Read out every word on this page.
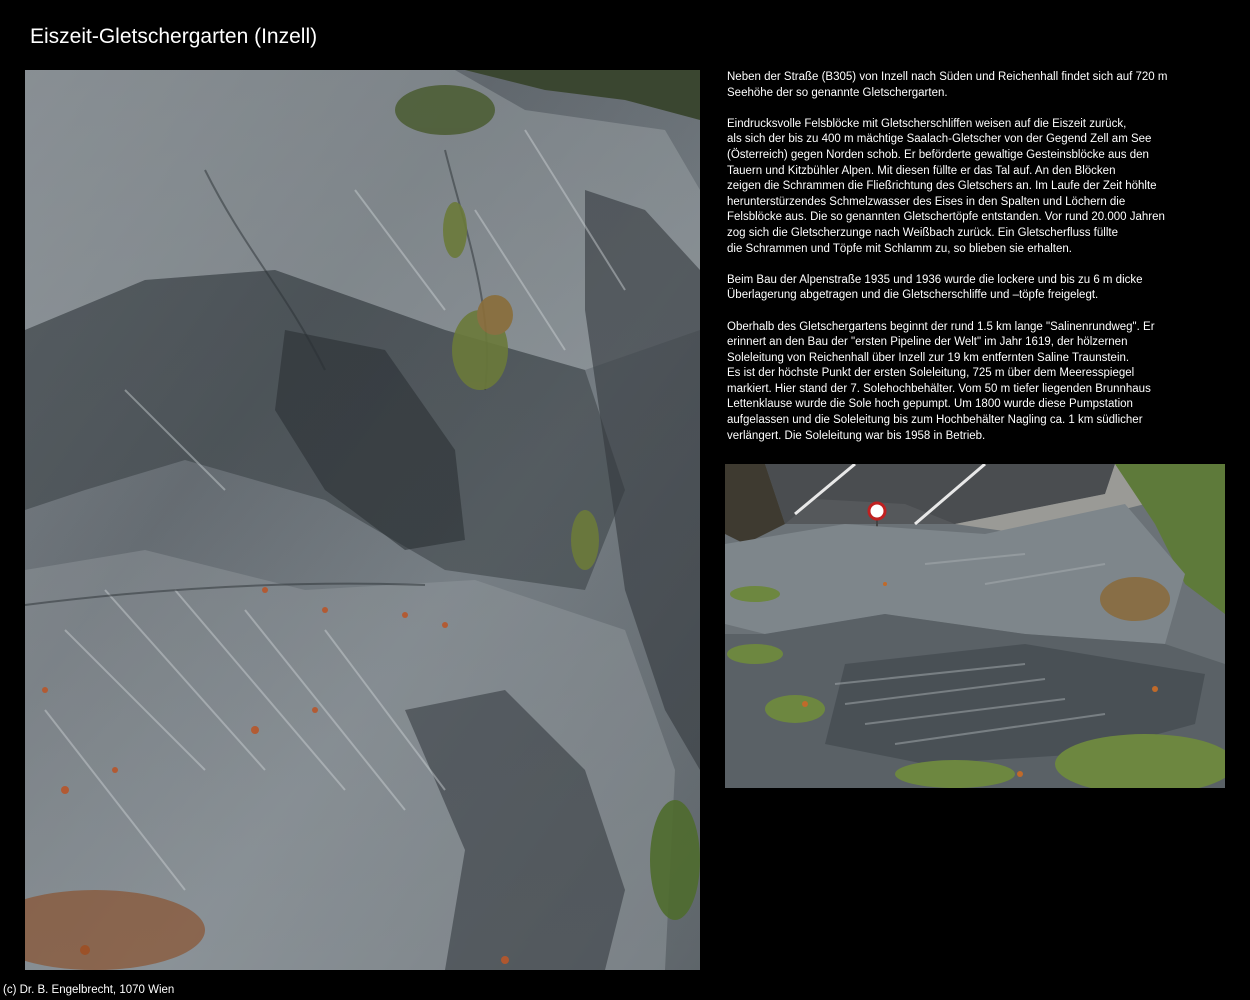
Eiszeit-Gletschergarten (Inzell)

Neben der Straße (B305) von Inzell nach Süden und Reichenhall findet sich auf 720 m
Seehöhe der so genannte Gletschergarten.

Eindrucksvolle Felsblöcke mit Gletscherschliffen weisen auf die Eiszeit zurück,
als sich der bis zu 400 m mächtige Saalach-Gletscher von der Gegend Zell am See
(Österreich) gegen Norden schob. Er beförderte gewaltige Gesteinsblöcke aus den
Tauern und Kitzbühler Alpen. Mit diesen füllte er das Tal auf. An den Blöcken
zeigen die Schrammen die Fließrichtung des Gletschers an. Im Laufe der Zeit höhlte
herunterstürzendes Schmelzwasser des Eises in den Spalten und Löchern die
Felsblöcke aus. Die so genannten Gletschertöpfe entstanden. Vor rund 20.000 Jahren
zog sich die Gletscherzunge nach Weißbach zurück. Ein Gletscherfluss füllte
die Schrammen und Töpfe mit Schlamm zu, so blieben sie erhalten.

Beim Bau der Alpenstraße 1935 und 1936 wurde die lockere und bis zu 6 m dicke
Überlagerung abgetragen und die Gletscherschliffe und –töpfe freigelegt.

Oberhalb des Gletschergartens beginnt der rund 1.5 km lange "Salinenrundweg". Er
erinnert an den Bau der "ersten Pipeline der Welt" im Jahr 1619, der hölzernen
Soleleitung von Reichenhall über Inzell zur 19 km entfernten Saline Traunstein.
Es ist der höchste Punkt der ersten Soleleitung, 725 m über dem Meeresspiegel
markiert. Hier stand der 7. Solehochbehälter. Vom 50 m tiefer liegenden Brunnhaus
Lettenklause wurde die Sole hoch gepumpt. Um 1800 wurde diese Pumpstation
aufgelassen und die Soleleitung bis zum Hochbehälter Nagling ca. 1 km südlicher
verlängert. Die Soleleitung war bis 1958 in Betrieb.

(c) Dr. B. Engelbrecht, 1070 Wien
